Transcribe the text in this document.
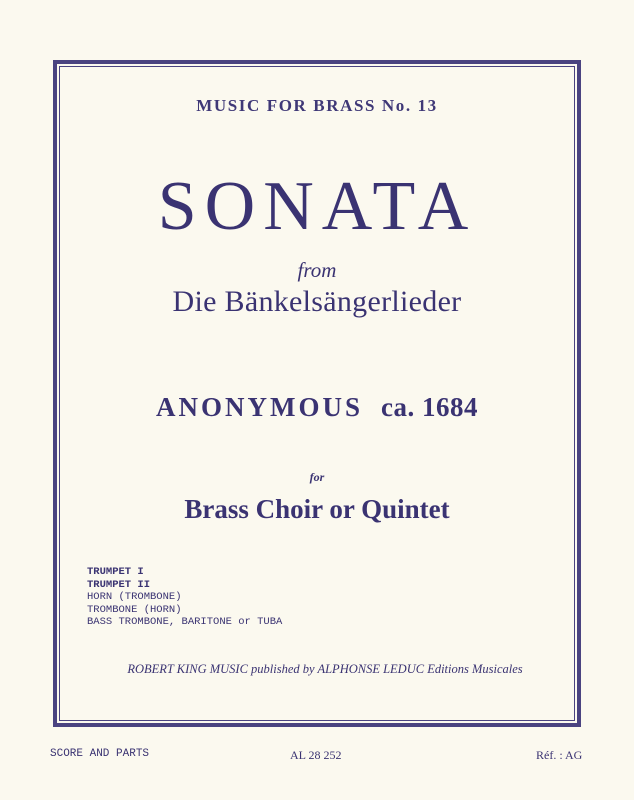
MUSIC FOR BRASS No. 13
SONATA
from
Die Bänkelsängerlieder
ANONYMOUS ca. 1684
for
Brass Choir or Quintet
TRUMPET I
TRUMPET II
HORN (TROMBONE)
TROMBONE (HORN)
BASS TROMBONE, BARITONE or TUBA
ROBERT KING MUSIC published by ALPHONSE LEDUC Editions Musicales
SCORE AND PARTS	AL 28 252	Réf. : AG
